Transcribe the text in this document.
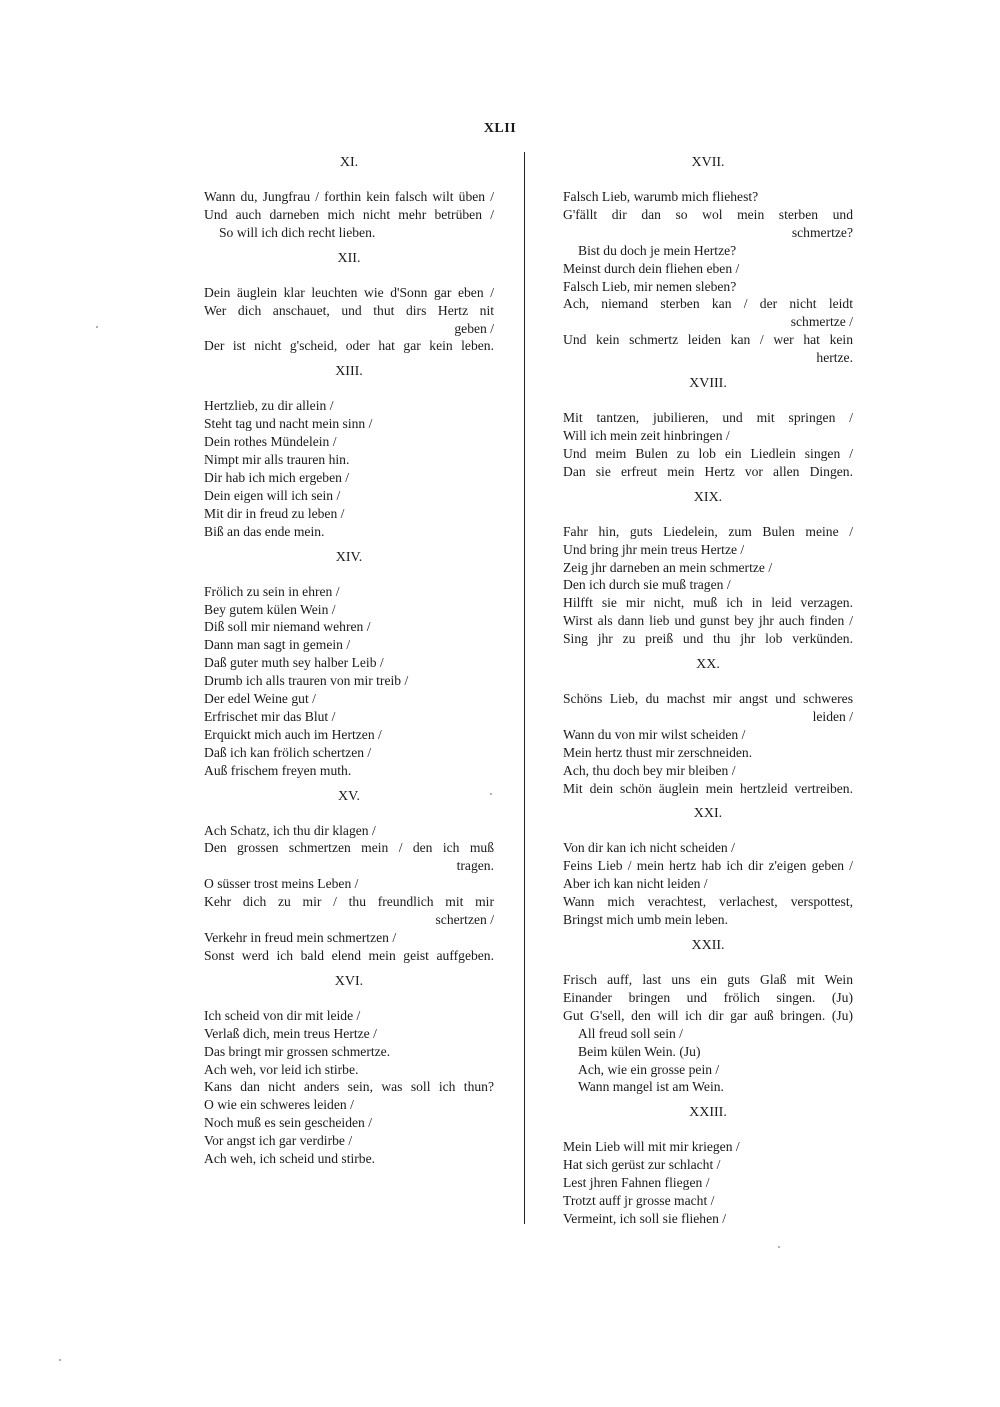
XLII
XI.
Wann du, Jungfrau / forthin kein falsch wilt üben /
Und auch darneben mich nicht mehr betrüben /
So will ich dich recht lieben.
XII.
Dein äuglein klar leuchten wie d'Sonn gar eben /
Wer dich anschauet, und thut dirs Hertz nit
geben /
Der ist nicht g'scheid, oder hat gar kein leben.
XIII.
Hertzlieb, zu dir allein /
Steht tag und nacht mein sinn /
Dein rothes Mündelein /
Nimpt mir alls trauren hin.
Dir hab ich mich ergeben /
Dein eigen will ich sein /
Mit dir in freud zu leben /
Biß an das ende mein.
XIV.
Frölich zu sein in ehren /
Bey gutem külen Wein /
Diß soll mir niemand wehren /
Dann man sagt in gemein /
Daß guter muth sey halber Leib /
Drumb ich alls trauren von mir treib /
Der edel Weine gut /
Erfrischet mir das Blut /
Erquickt mich auch im Hertzen /
Daß ich kan frölich schertzen /
Auß frischem freyen muth.
XV.
Ach Schatz, ich thu dir klagen /
Den grossen schmertzen mein / den ich muß
tragen.
O süsser trost meins Leben /
Kehr dich zu mir / thu freundlich mit mir
schertzen /
Verkehr in freud mein schmertzen /
Sonst werd ich bald elend mein geist auffgeben.
XVI.
Ich scheid von dir mit leide /
Verlaß dich, mein treus Hertze /
Das bringt mir grossen schmertze.
Ach weh, vor leid ich stirbe.
Kans dan nicht anders sein, was soll ich thun?
O wie ein schweres leiden /
Noch muß es sein gescheiden /
Vor angst ich gar verdirbe /
Ach weh, ich scheid und stirbe.
XVII.
Falsch Lieb, warumb mich fliehest?
G'fällt dir dan so wol mein sterben und
schmertze?
Bist du doch je mein Hertze?
Meinst durch dein fliehen eben /
Falsch Lieb, mir nemen sleben?
Ach, niemand sterben kan / der nicht leidt
schmertze /
Und kein schmertz leiden kan / wer hat kein
hertze.
XVIII.
Mit tantzen, jubilieren, und mit springen /
Will ich mein zeit hinbringen /
Und meim Bulen zu lob ein Liedlein singen /
Dan sie erfreut mein Hertz vor allen Dingen.
XIX.
Fahr hin, guts Liedelein, zum Bulen meine /
Und bring jhr mein treus Hertze /
Zeig jhr darneben an mein schmertze /
Den ich durch sie muß tragen /
Hilfft sie mir nicht, muß ich in leid verzagen.
Wirst als dann lieb und gunst bey jhr auch finden /
Sing jhr zu preiß und thu jhr lob verkünden.
XX.
Schöns Lieb, du machst mir angst und schweres
leiden /
Wann du von mir wilst scheiden /
Mein hertz thust mir zerschneiden.
Ach, thu doch bey mir bleiben /
Mit dein schön äuglein mein hertzleid vertreiben.
XXI.
Von dir kan ich nicht scheiden /
Feins Lieb / mein hertz hab ich dir z'eigen geben /
Aber ich kan nicht leiden /
Wann mich verachtest, verlachest, verspottest,
Bringst mich umb mein leben.
XXII.
Frisch auff, last uns ein guts Glaß mit Wein
Einander bringen und frölich singen. (Ju)
Gut G'sell, den will ich dir gar auß bringen. (Ju)
All freud soll sein /
Beim külen Wein. (Ju)
Ach, wie ein grosse pein /
Wann mangel ist am Wein.
XXIII.
Mein Lieb will mit mir kriegen /
Hat sich gerüst zur schlacht /
Lest jhren Fahnen fliegen /
Trotzt auff jr grosse macht /
Vermeint, ich soll sie fliehen /
